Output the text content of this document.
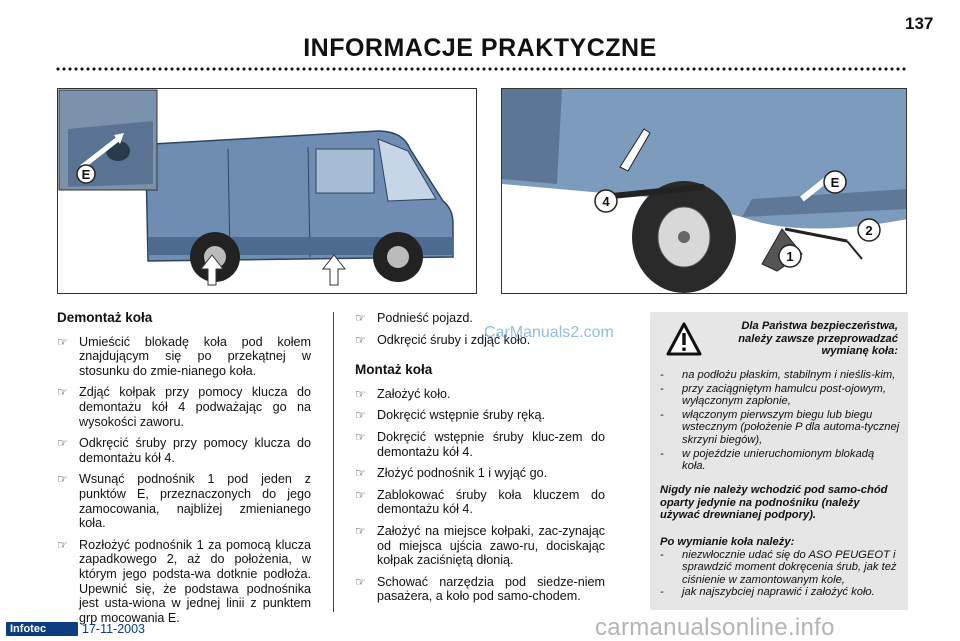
137
INFORMACJE PRAKTYCZNE
E
4
E
2
1
Demontaż koła
☞ Umieścić blokadę koła pod kołem znajdującym się po przekątnej w stosunku do zmie-nianego koła.
☞ Zdjąć kołpak przy pomocy klucza do demontażu kół 4 podważając go na wysokości zaworu.
☞ Odkręcić śruby przy pomocy klucza do demontażu kół 4.
☞ Wsunąć podnośnik 1 pod jeden z punktów E, przeznaczonych do jego zamocowania, najbliżej zmienianego koła.
☞ Rozłożyć podnośnik 1 za pomocą klucza zapadkowego 2, aż do położenia, w którym jego podsta-wa dotknie podłoża. Upewnić się, że podstawa podnośnika jest usta-wiona w jednej linii z punktem grp mocowania E.
☞ Podnieść pojazd.
☞ Odkręcić śruby i zdjąć koło.
Montaż koła
☞ Założyć koło.
☞ Dokręcić wstępnie śruby ręką.
☞ Dokręcić wstępnie śruby kluc-zem do demontażu kół 4.
☞ Złożyć podnośnik 1 i wyjąć go.
☞ Zablokować śruby koła kluczem do demontażu kół 4.
☞ Założyć na miejsce kołpaki, zac-zynając od miejsca ujścia zawo-ru, dociskając kołpak zaciśniętą dłonią.
☞ Schować narzędzia pod siedze-niem pasażera, a koło pod samo-chodem.
CarManuals2.com	Dla Państwa bezpieczeństwa, należy zawsze przeprowadzać wymianę koła:
- na podłożu płaskim, stabilnym i nieślis-kim,
- przy zaciągniętym hamulcu post-ojowym, wyłączonym zapłonie,
- włączonym pierwszym biegu lub biegu wstecznym (położenie P dla automa-tycznej skrzyni biegów),
- w pojeździe unieruchomionym blokadą koła.
Nigdy nie należy wchodzić pod samo-chód oparty jedynie na podnośniku (należy używać drewnianej podpory).
Po wymianie koła należy:
- niezwłocznie udać się do ASO PEUGEOT i sprawdzić moment dokręcenia śrub, jak też ciśnienie w zamontowanym kole,
- jak najszybciej naprawić i założyć koło.
Infotec	17-11-2003	carmanualsonline.info
